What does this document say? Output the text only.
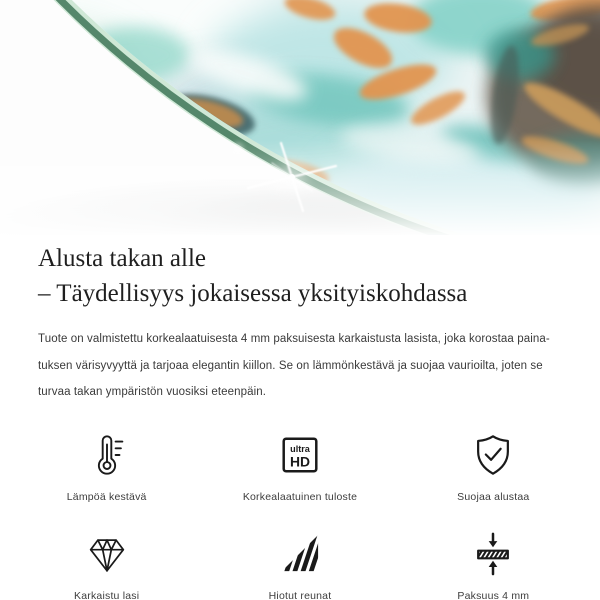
Alusta takan alle
– Täydellisyys jokaisessa yksityiskohdassa

Tuote on valmistettu korkealaatuisesta 4 mm paksuisesta karkaistusta lasista, joka korostaa paina-
tuksen värisyvyyttä ja tarjoaa elegantin kiillon. Se on lämmönkestävä ja suojaa vaurioilta, joten se
turvaa takan ympäristön vuosiksi eteenpäin.

Lämpöä kestävä
ultra
HD
Korkealaatuinen tuloste	Suojaa alustaa
Karkaistu lasi	Hiotut reunat	Paksuus 4 mm
